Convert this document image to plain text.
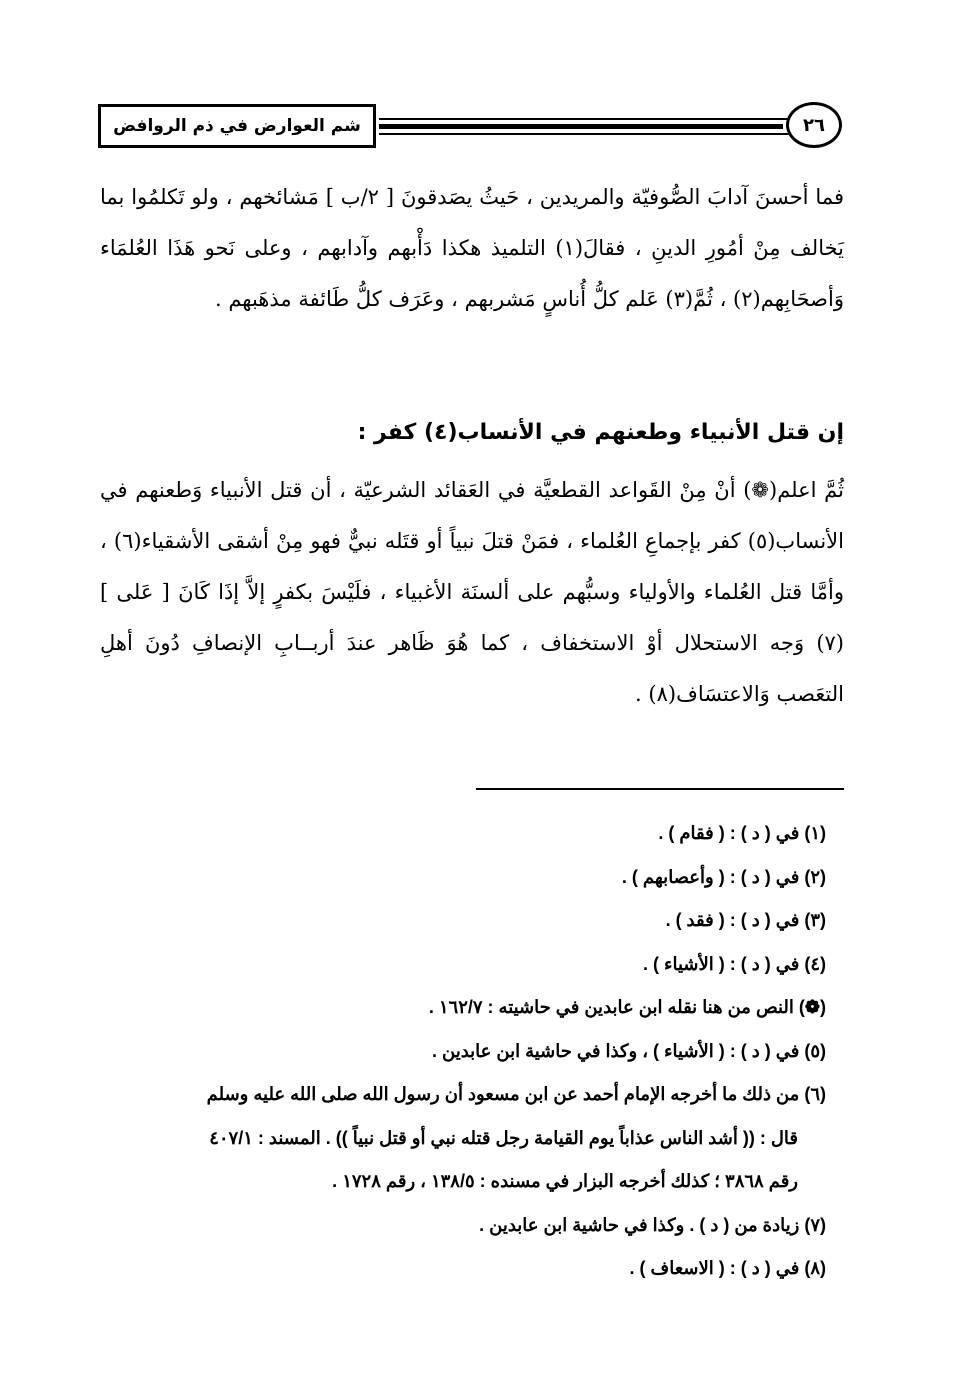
شم العوارض في ذم الروافض	٢٦
فما أحسنَ آدابَ الصُّوفيّة والمريدين ، حَيثُ يصَدقونَ [ ٢/ب ] مَشائخهم ، ولو تَكلمُوا بما يَخالف مِنْ أمُورِ الدينِ ، فقالَ(١) التلميذ هكذا دَأْبهم وآدابهم ، وعلى نَحو هَذَا العُلمَاء وَأصحَابِهم(٢) ، ثُمَّ(٣) عَلم كلُّ أُناسٍ مَشربهم ، وعَرَف كلُّ طَائفة مذهَبهم .
إن قتل الأنبياء وطعنهم في الأنساب(٤) كفر :
ثُمَّ اعلم(❁) أنْ مِنْ القَواعد القطعيَّة في العَقائد الشرعيّة ، أن قتل الأنبياء وَطعنهم في الأنساب(٥) كفر بإجماعِ العُلماء ، فمَنْ قتلَ نبياً أو قتَله نبيٌّ فهو مِنْ أشقى الأشقياء(٦) ، وأمَّا قتل العُلماء والأولياء وسبُّهم على ألسنَة الأغبياء ، فلَيْسَ بكفرٍ إلاَّ إذَا كَانَ [ عَلى ] (٧) وَجه الاستحلال أوْ الاستخفاف ، كما هُوَ ظَاهر عندَ أربــابِ الإنصافِ دُونَ أهلِ التعَصب وَالاعتسَاف(٨) .
(١) في ( د ) : ( فقام ) .
(٢) في ( د ) : ( وأعصابهم ) .
(٣) في ( د ) : ( فقد ) .
(٤) في ( د ) : ( الأشياء ) .
(❁) النص من هنا نقله ابن عابدين في حاشيته : ١٦٢/٧ .
(٥) في ( د ) : ( الأشياء ) ، وكذا في حاشية ابن عابدين .
(٦) من ذلك ما أخرجه الإمام أحمد عن ابن مسعود أن رسول الله صلى الله عليه وسلم
قال : (( أشد الناس عذاباً يوم القيامة رجل قتله نبي أو قتل نبياً )) . المسند : ٤٠٧/١
رقم ٣٨٦٨ ؛ كذلك أخرجه البزار في مسنده : ١٣٨/٥ ، رقم ١٧٢٨ .
(٧) زيادة من ( د ) . وكذا في حاشية ابن عابدين .
(٨) في ( د ) : ( الاسعاف ) .
